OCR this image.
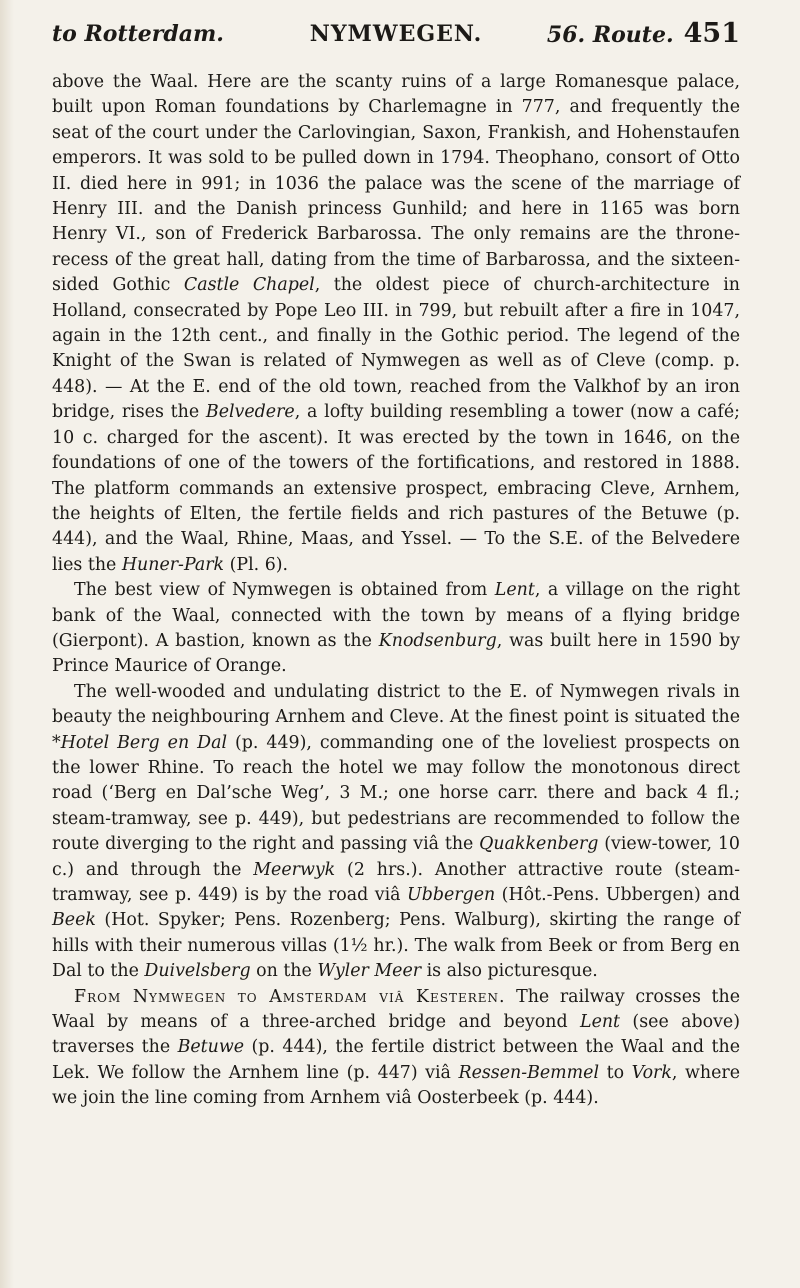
to Rotterdam.	NYMWEGEN.	56. Route. 451

above the Waal. Here are the scanty ruins of a large Romanesque palace, built upon Roman foundations by Charlemagne in 777, and frequently the seat of the court under the Carlovingian, Saxon, Frankish, and Hohenstaufen emperors. It was sold to be pulled down in 1794. Theophano, consort of Otto II. died here in 991; in 1036 the palace was the scene of the marriage of Henry III. and the Danish princess Gunhild; and here in 1165 was born Henry VI., son of Frederick Barbarossa. The only remains are the throne-recess of the great hall, dating from the time of Barbarossa, and the sixteen-sided Gothic Castle Chapel, the oldest piece of church-architecture in Holland, consecrated by Pope Leo III. in 799, but rebuilt after a fire in 1047, again in the 12th cent., and finally in the Gothic period. The legend of the Knight of the Swan is related of Nymwegen as well as of Cleve (comp. p. 448). — At the E. end of the old town, reached from the Valkhof by an iron bridge, rises the Belvedere, a lofty building resembling a tower (now a café; 10 c. charged for the ascent). It was erected by the town in 1646, on the foundations of one of the towers of the fortifications, and restored in 1888. The platform commands an extensive prospect, embracing Cleve, Arnhem, the heights of Elten, the fertile fields and rich pastures of the Betuwe (p. 444), and the Waal, Rhine, Maas, and Yssel. — To the S.E. of the Belvedere lies the Huner-Park (Pl. 6).

The best view of Nymwegen is obtained from Lent, a village on the right bank of the Waal, connected with the town by means of a flying bridge (Gierpont). A bastion, known as the Knodsenburg, was built here in 1590 by Prince Maurice of Orange.

The well-wooded and undulating district to the E. of Nymwegen rivals in beauty the neighbouring Arnhem and Cleve. At the finest point is situated the *Hotel Berg en Dal (p. 449), commanding one of the loveliest prospects on the lower Rhine. To reach the hotel we may follow the monotonous direct road (‘Berg en Dal’sche Weg’, 3 M.; one horse carr. there and back 4 fl.; steam-tramway, see p. 449), but pedestrians are recommended to follow the route diverging to the right and passing viâ the Quakkenberg (view-tower, 10 c.) and through the Meerwyk (2 hrs.). Another attractive route (steam-tramway, see p. 449) is by the road viâ Ubbergen (Hôt.-Pens. Ubbergen) and Beek (Hot. Spyker; Pens. Rozenberg; Pens. Walburg), skirting the range of hills with their numerous villas (1½ hr.). The walk from Beek or from Berg en Dal to the Duivelsberg on the Wyler Meer is also picturesque.

From Nymwegen to Amsterdam viâ Kesteren. The railway crosses the Waal by means of a three-arched bridge and beyond Lent (see above) traverses the Betuwe (p. 444), the fertile district between the Waal and the Lek. We follow the Arnhem line (p. 447) viâ Ressen-Bemmel to Vork, where we join the line coming from Arnhem viâ Oosterbeek (p. 444).
